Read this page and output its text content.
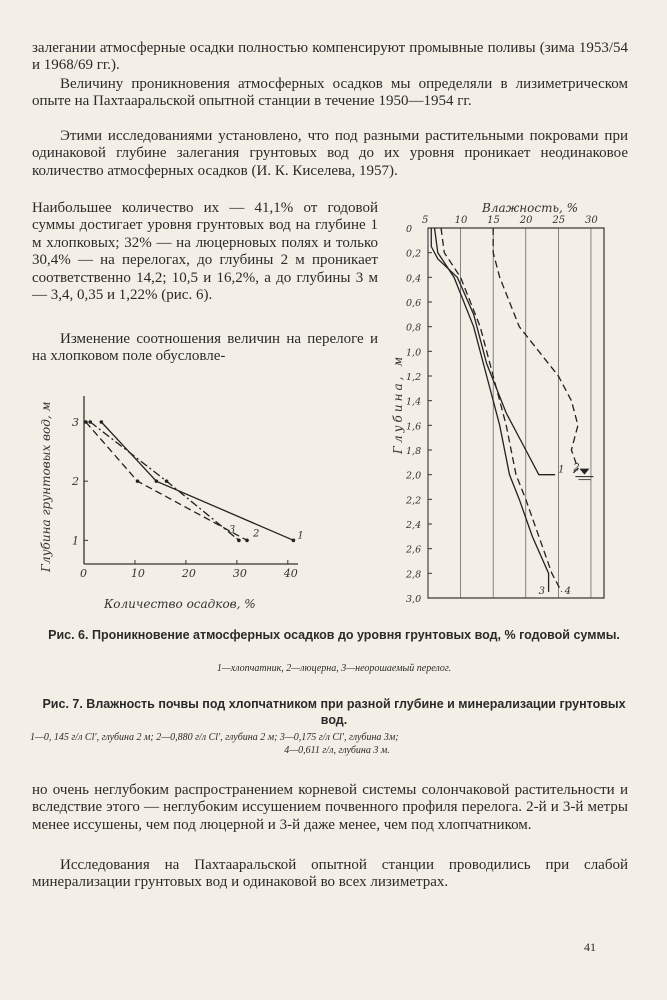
залегании атмосферные осадки полностью компенсируют промывные поливы (зима 1953/54 и 1968/69 гг.).

Величину проникновения атмосферных осадков мы определяли в лизиметрическом опыте на Пахтааральской опытной станции в течение 1950—1954 гг.

Этими исследованиями установлено, что под разными растительными покровами при одинаковой глубине залегания грунтовых вод до их уровня проникает неодинаковое количество атмосферных осадков (И. К. Киселева, 1957).

Наибольшее количество их — 41,1% от годовой суммы достигает уровня грунтовых вод на глубине 1 м хлопковых; 32% — на люцерновых полях и только 30,4% — на перелогах, до глубины 2 м проникает соответственно 14,2; 10,5 и 16,2%, а до глубины 3 м — 3,4, 0,35 и 1,22% (рис. 6).

Изменение соотношения величин на перелоге и на хлопковом поле обусловле-

0	10	20	30	40
1
2
3
1
2
3
Количество осадков, %
Глубина грунтовых вод, м
5	10 15 20 25 30
0
0,2
0,4
0,6
0,8
1,0
1,2
1,4
1,6
1,8
2,0
2,2
2,4
2,6
2,8
3,0
1 2
3 4
Влажность, %
Глубина, м

Рис. 6. Проникновение атмосферных осадков до уровня грунтовых вод, % годовой суммы.

1—хлопчатник, 2—люцерна, 3—неорошаемый перелог.

Рис. 7. Влажность почвы под хлопчатником при разной глубине и минерализации грунтовых вод.

1—0, 145 г/л Cl′, глубина 2 м; 2—0,880 г/л Cl′, глубина 2 м; 3—0,175 г/л Cl′, глубина 3м;

4—0,611 г/л, глубина 3 м.

но очень неглубоким распространением корневой системы солончаковой растительности и вследствие этого — неглубоким иссушением почвенного профиля перелога. 2-й и 3-й метры менее иссушены, чем под люцерной и 3-й даже менее, чем под хлопчатником.

Исследования на Пахтааральской опытной станции проводились при слабой минерализации грунтовых вод и одинаковой во всех лизиметрах.

41
